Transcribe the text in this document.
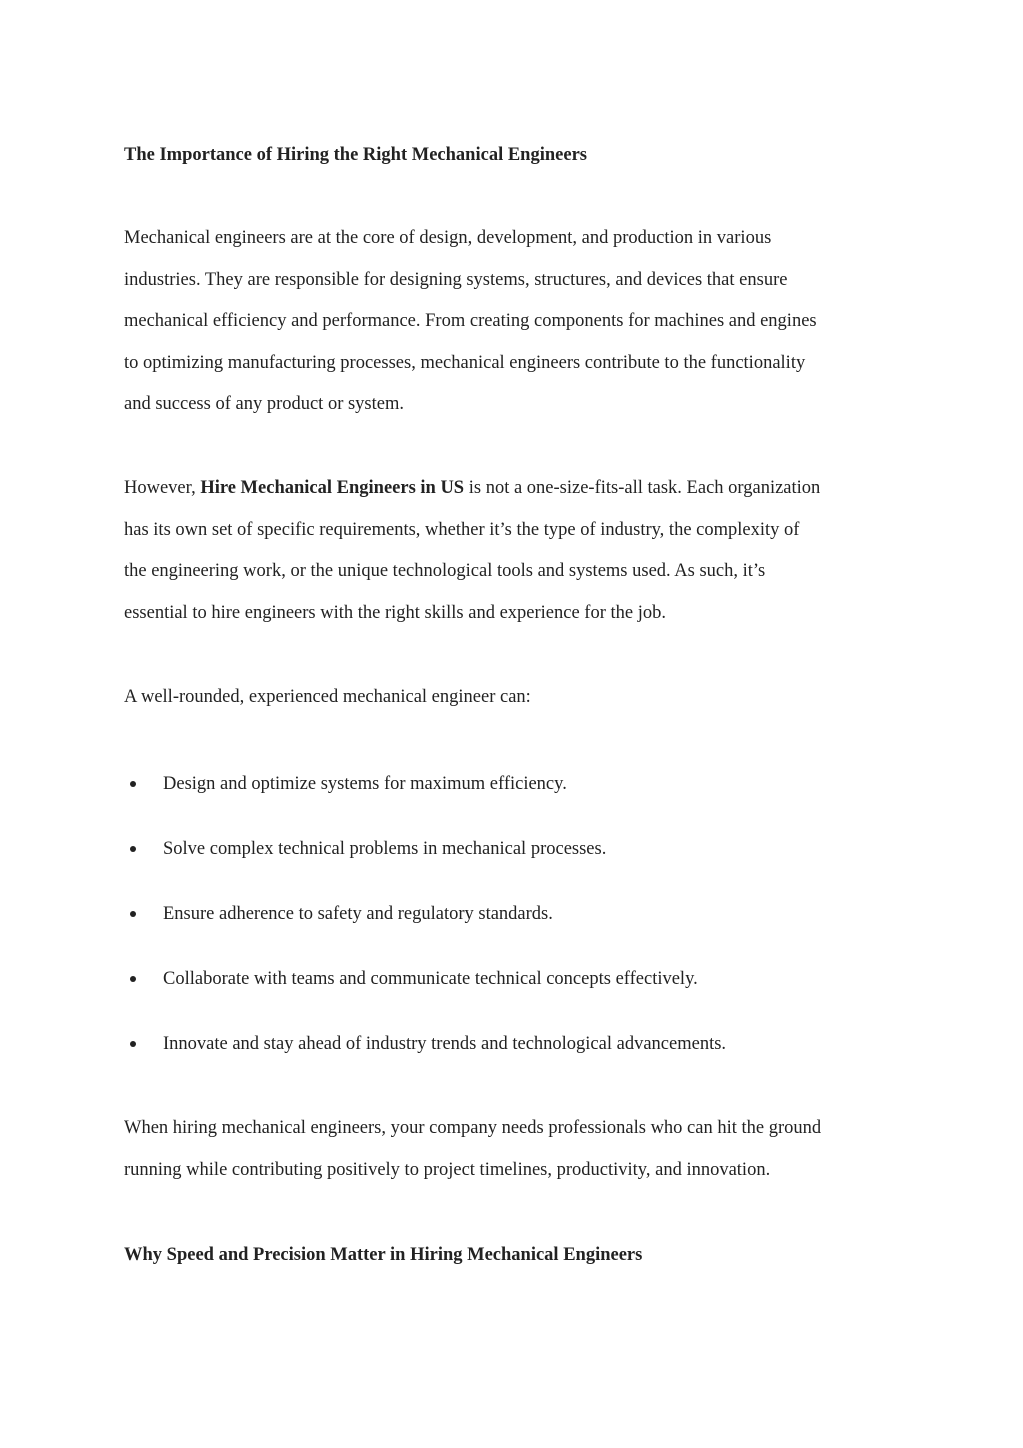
The Importance of Hiring the Right Mechanical Engineers

Mechanical engineers are at the core of design, development, and production in various
industries. They are responsible for designing systems, structures, and devices that ensure
mechanical efficiency and performance. From creating components for machines and engines
to optimizing manufacturing processes, mechanical engineers contribute to the functionality
and success of any product or system.

However, Hire Mechanical Engineers in US is not a one-size-fits-all task. Each organization
has its own set of specific requirements, whether it’s the type of industry, the complexity of
the engineering work, or the unique technological tools and systems used. As such, it’s
essential to hire engineers with the right skills and experience for the job.

A well-rounded, experienced mechanical engineer can:

Design and optimize systems for maximum efficiency.
Solve complex technical problems in mechanical processes.
Ensure adherence to safety and regulatory standards.
Collaborate with teams and communicate technical concepts effectively.
Innovate and stay ahead of industry trends and technological advancements.

When hiring mechanical engineers, your company needs professionals who can hit the ground
running while contributing positively to project timelines, productivity, and innovation.

Why Speed and Precision Matter in Hiring Mechanical Engineers
